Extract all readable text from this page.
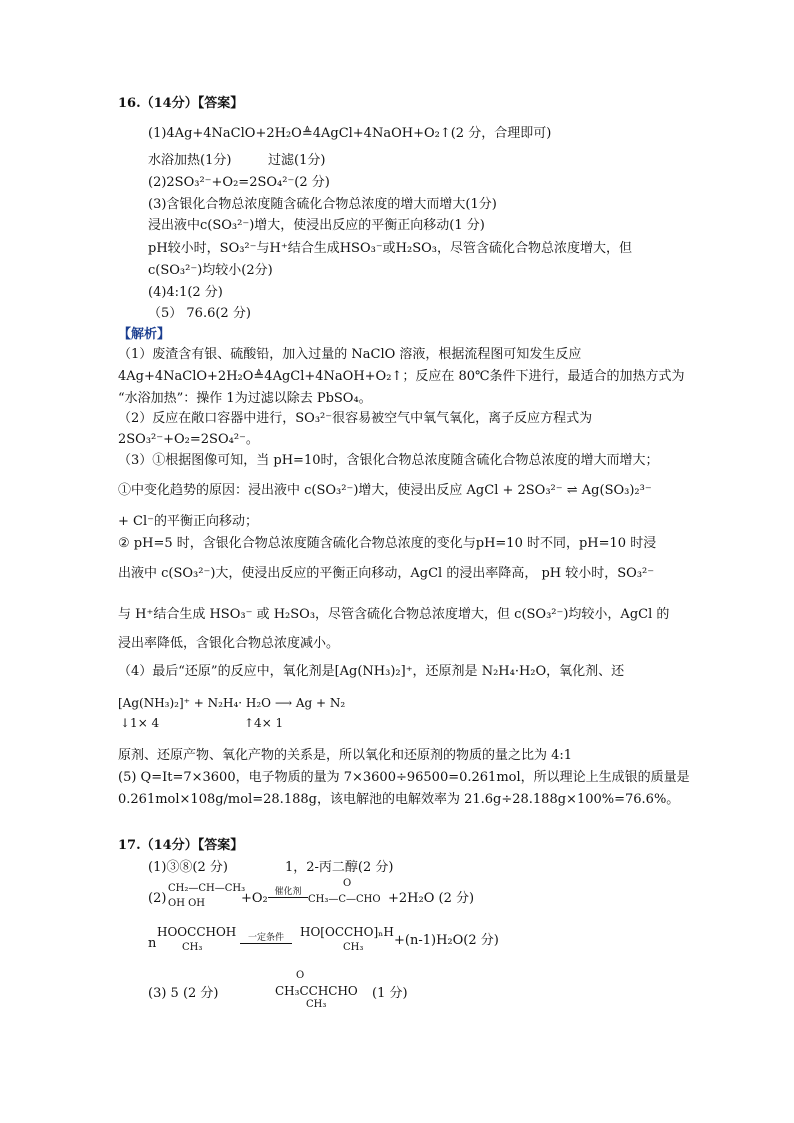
16.（14分）【答案】
(1)4Ag+4NaClO+2H₂O≜4AgCl+4NaOH+O₂↑(2 分，合理即可)
水浴加热(1分)	过滤(1分)
(2)2SO₃²⁻+O₂=2SO₄²⁻(2 分)
(3)含银化合物总浓度随含硫化合物总浓度的增大而增大(1分)
浸出液中c(SO₃²⁻)增大，使浸出反应的平衡正向移动(1 分)
pH较小时，SO₃²⁻与H⁺结合生成HSO₃⁻或H₂SO₃，尽管含硫化合物总浓度增大，但
c(SO₃²⁻)均较小(2分)
(4)4:1(2 分)
（5） 76.6(2 分)
【解析】
（1）废渣含有银、硫酸铅，加入过量的 NaClO 溶液，根据流程图可知发生反应
4Ag+4NaClO+2H₂O≜4AgCl+4NaOH+O₂↑；反应在 80℃条件下进行，最适合的加热方式为
“水浴加热”：操作 1为过滤以除去 PbSO₄。
（2）反应在敞口容器中进行，SO₃²⁻很容易被空气中氧气氧化，离子反应方程式为
2SO₃²⁻+O₂=2SO₄²⁻。
（3）①根据图像可知，当 pH=10时，含银化合物总浓度随含硫化合物总浓度的增大而增大；
①中变化趋势的原因：浸出液中 c(SO₃²⁻)增大，使浸出反应 AgCl + 2SO₃²⁻ ⇌ Ag(SO₃)₂³⁻
+ Cl⁻的平衡正向移动；
② pH=5 时，含银化合物总浓度随含硫化合物总浓度的变化与pH=10 时不同，pH=10 时浸
出液中 c(SO₃²⁻)大，使浸出反应的平衡正向移动，AgCl 的浸出率降高， pH 较小时，SO₃²⁻
与 H⁺结合生成 HSO₃⁻ 或 H₂SO₃，尽管含硫化合物总浓度增大，但 c(SO₃²⁻)均较小，AgCl 的
浸出率降低，含银化合物总浓度减小。
（4）最后“还原”的反应中，氧化剂是[Ag(NH₃)₂]⁺，还原剂是 N₂H₄·H₂O，氧化剂、还
[Ag(NH₃)₂]⁺ + N₂H₄· H₂O ⟶ Ag + N₂
↓1× 4	↑4× 1
原剂、还原产物、氧化产物的关系是，所以氧化和还原剂的物质的量之比为 4:1
(5) Q=It=7×3600，电子物质的量为 7×3600÷96500=0.261mol，所以理论上生成银的质量是
0.261mol×108g/mol=28.188g，该电解池的电解效率为 21.6g÷28.188g×100%=76.6%。
17.（14分）【答案】
(1)③⑧(2 分)	1，2-丙二醇(2 分)
(2)
CH₂—CH—CH₃
OH OH	+O₂ 催化剂
O
CH₃—C—CHO +2H₂O (2 分)
n
HOOCCHOH
CH₃
一定条件	HO[OCCHO]ₙH
CH₃ +(n-1)H₂O(2 分)
(3) 5 (2 分)
O
CH₃CCHCHO
CH₃
(1 分)
